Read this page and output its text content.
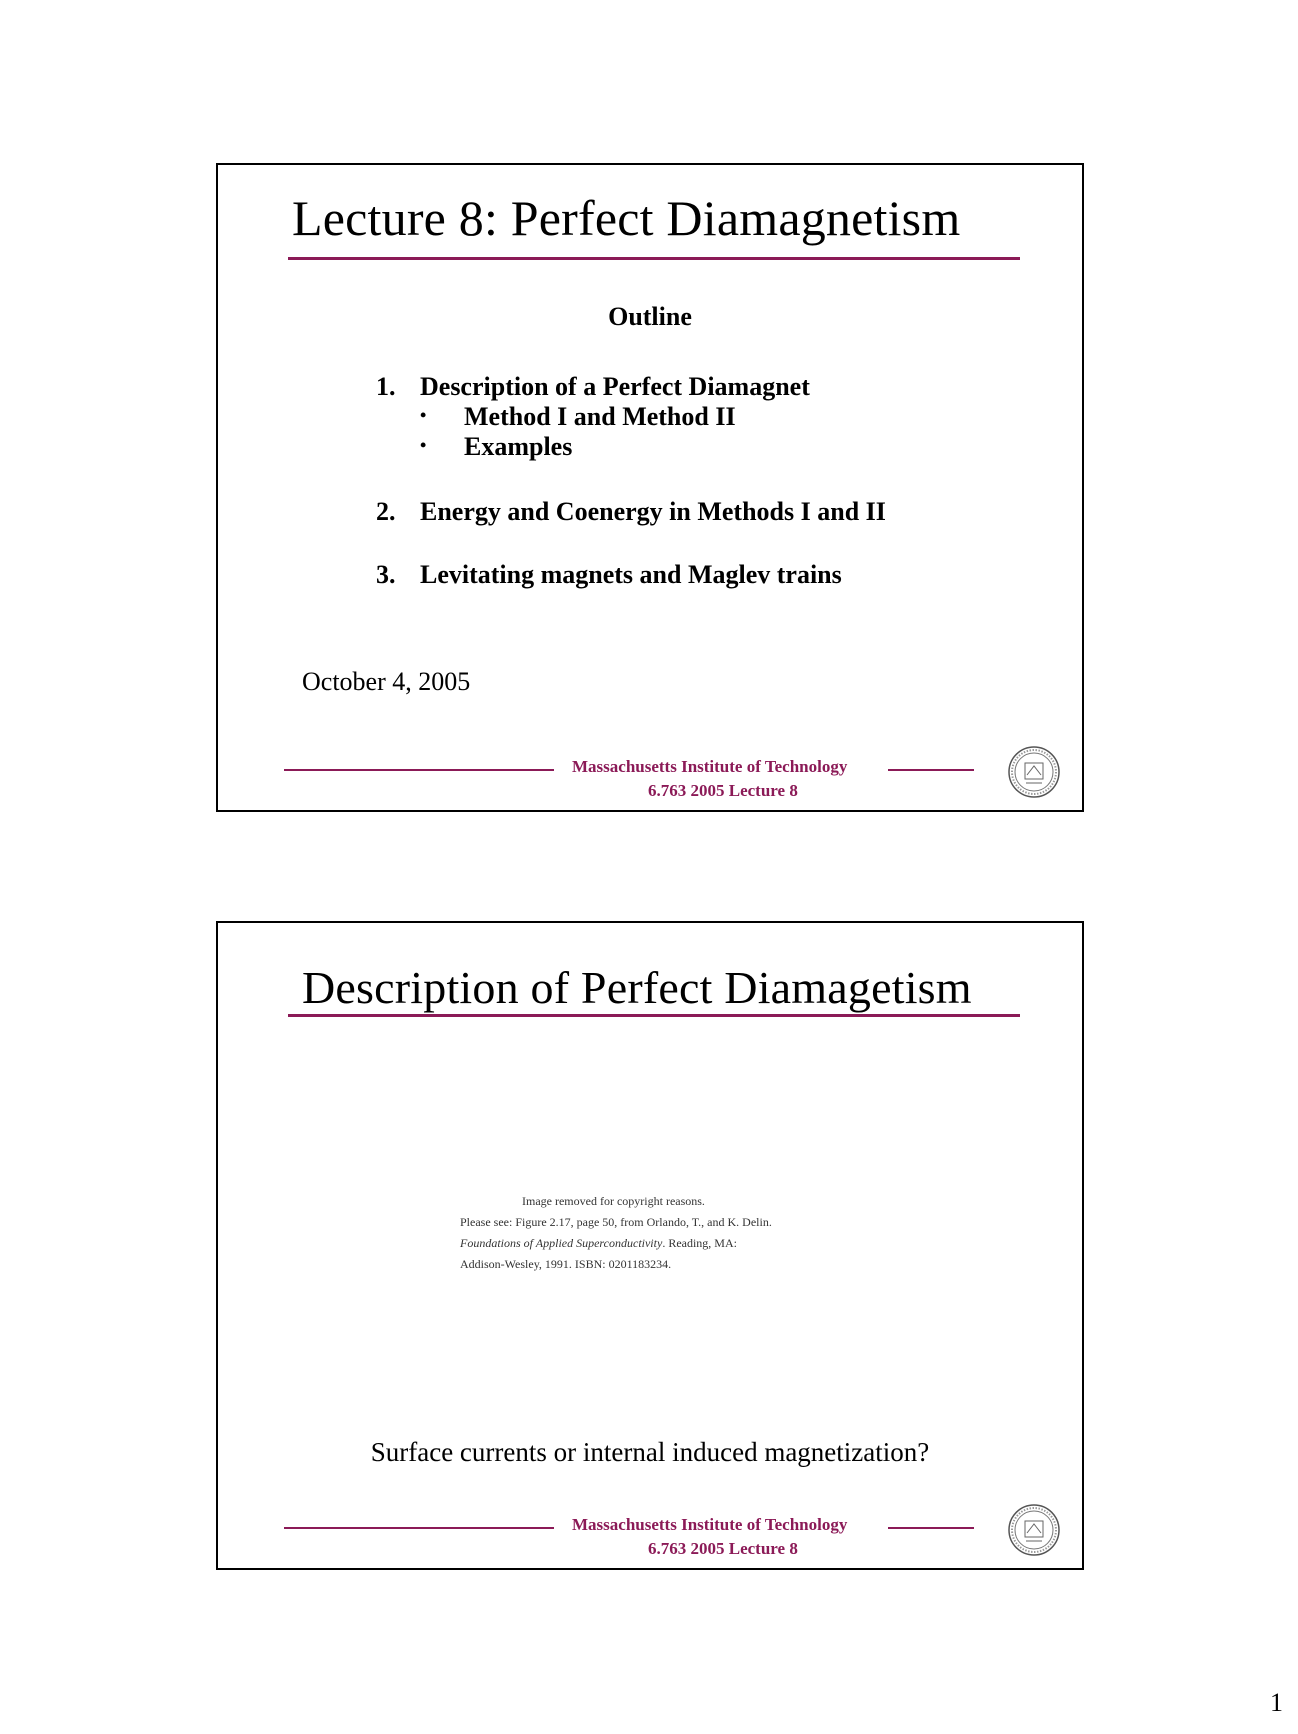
Lecture 8: Perfect Diamagnetism
Outline
1. Description of a Perfect Diamagnet
• Method I and Method II
• Examples
2. Energy and Coenergy in Methods I and II
3. Levitating magnets and Maglev trains
October 4, 2005
Massachusetts Institute of Technology
6.763 2005 Lecture 8
Description of Perfect Diamagetism
Image removed for copyright reasons.
Please see: Figure 2.17, page 50, from Orlando, T., and K. Delin.
Foundations of Applied Superconductivity. Reading, MA:
Addison-Wesley, 1991. ISBN: 0201183234.
Surface currents or internal induced magnetization?
Massachusetts Institute of Technology
6.763 2005 Lecture 8
1
